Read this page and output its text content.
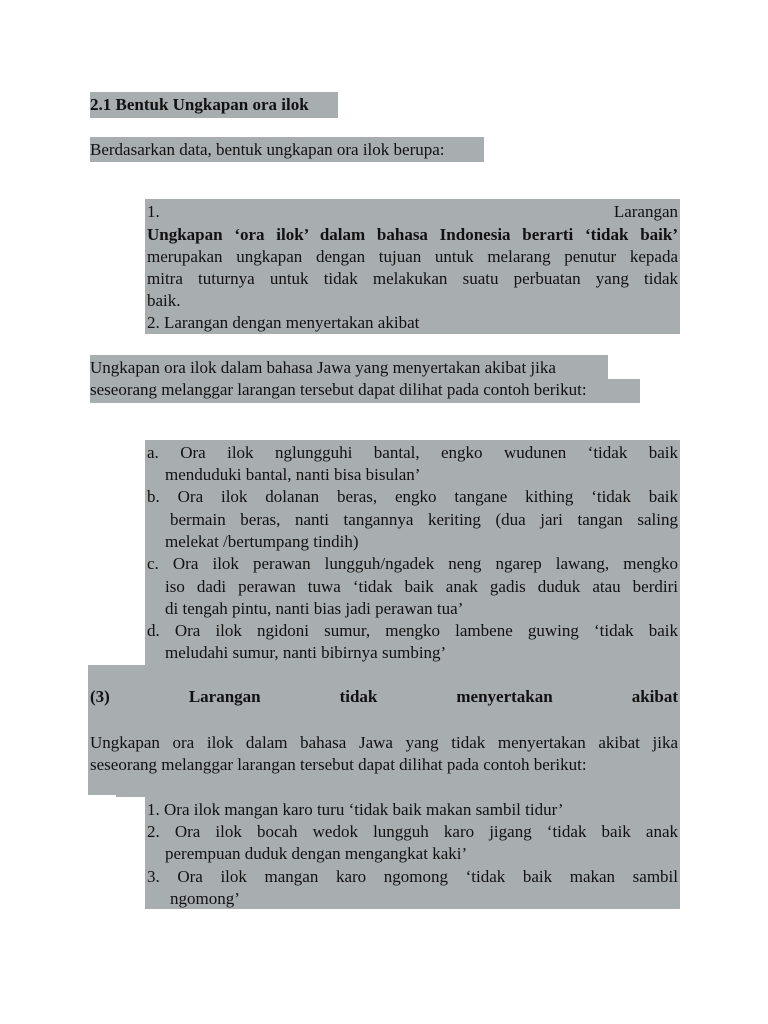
2.1 Bentuk Ungkapan ora ilok
Berdasarkan data, bentuk ungkapan ora ilok berupa:
1.	Larangan
Ungkapan ‘ora ilok’ dalam bahasa Indonesia berarti ‘tidak baik’
merupakan ungkapan dengan tujuan untuk melarang penutur kepada
mitra tuturnya untuk tidak melakukan suatu perbuatan yang tidak
baik.
2. Larangan dengan menyertakan akibat
Ungkapan ora ilok dalam bahasa Jawa yang menyertakan akibat jika
seseorang melanggar larangan tersebut dapat dilihat pada contoh berikut:
a. Ora ilok nglungguhi bantal, engko wudunen ‘tidak baik
menduduki bantal, nanti bisa bisulan’
b. Ora ilok dolanan beras, engko tangane kithing ‘tidak baik
bermain beras, nanti tangannya keriting (dua jari tangan saling
melekat /bertumpang tindih)
c. Ora ilok perawan lungguh/ngadek neng ngarep lawang, mengko
iso dadi perawan tuwa ‘tidak baik anak gadis duduk atau berdiri
di tengah pintu, nanti bias jadi perawan tua’
d. Ora ilok ngidoni sumur, mengko lambene guwing ‘tidak baik
meludahi sumur, nanti bibirnya sumbing’
(3)	Larangan	tidak	menyertakan	akibat
Ungkapan ora ilok dalam bahasa Jawa yang tidak menyertakan akibat jika
seseorang melanggar larangan tersebut dapat dilihat pada contoh berikut:
1. Ora ilok mangan karo turu ‘tidak baik makan sambil tidur’
2. Ora ilok bocah wedok lungguh karo jigang ‘tidak baik anak
perempuan duduk dengan mengangkat kaki’
3. Ora ilok mangan karo ngomong ‘tidak baik makan sambil
ngomong’
